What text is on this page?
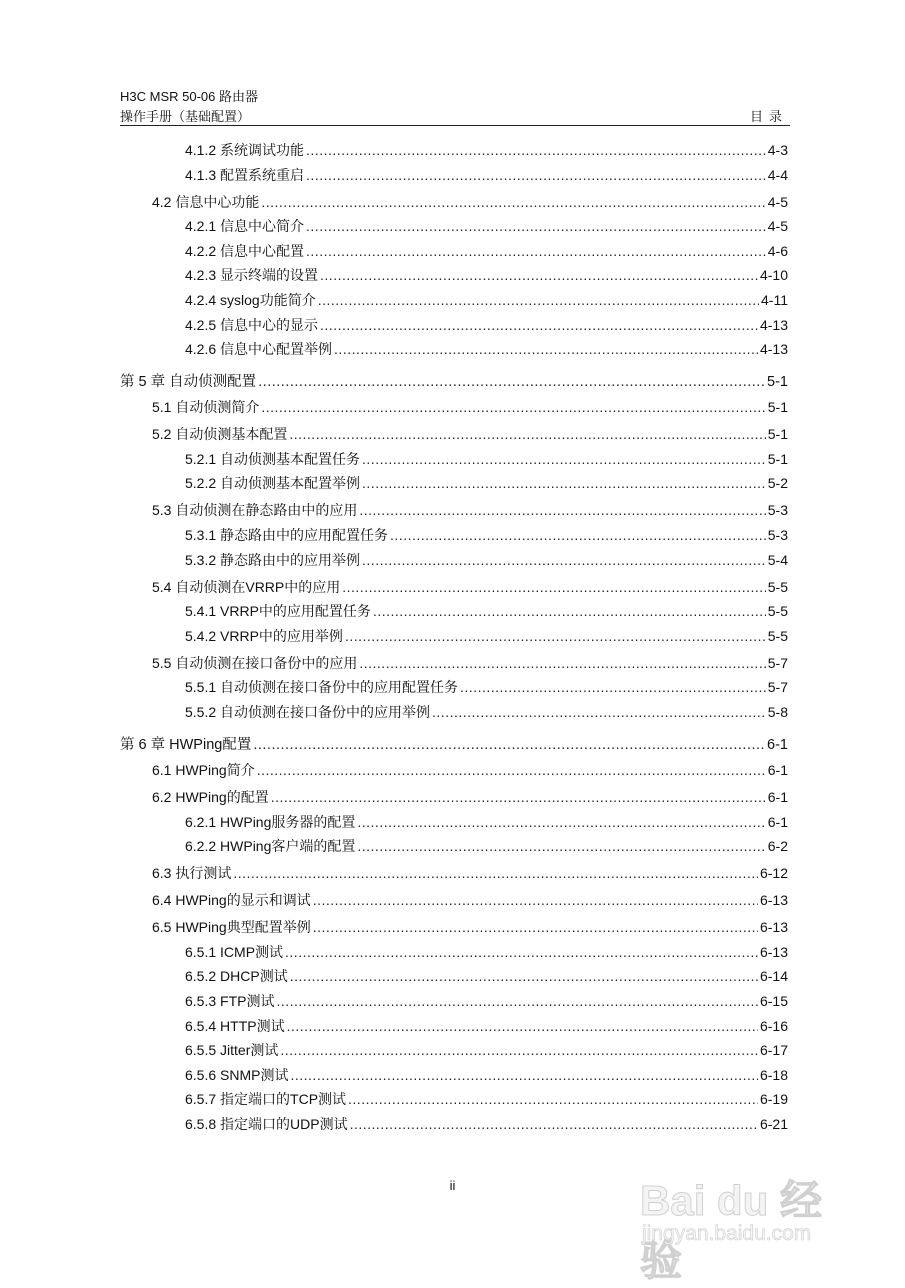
H3C MSR 50-06 路由器
操作手册（基础配置）	目录
4.1.2 系统调试功能 .....	4-3
4.1.3 配置系统重启 .....	4-4
4.2 信息中心功能 .....	4-5
4.2.1 信息中心简介 .....	4-5
4.2.2 信息中心配置 .....	4-6
4.2.3 显示终端的设置 .....	4-10
4.2.4 syslog功能简介 .....	4-11
4.2.5 信息中心的显示 .....	4-13
4.2.6 信息中心配置举例 .....	4-13
第 5 章 自动侦测配置 .....	5-1
5.1 自动侦测简介 .....	5-1
5.2 自动侦测基本配置 .....	5-1
5.2.1 自动侦测基本配置任务 .....	5-1
5.2.2 自动侦测基本配置举例 .....	5-2
5.3 自动侦测在静态路由中的应用 .....	5-3
5.3.1 静态路由中的应用配置任务 .....	5-3
5.3.2 静态路由中的应用举例 .....	5-4
5.4 自动侦测在VRRP中的应用 .....	5-5
5.4.1 VRRP中的应用配置任务 .....	5-5
5.4.2 VRRP中的应用举例 .....	5-5
5.5 自动侦测在接口备份中的应用 .....	5-7
5.5.1 自动侦测在接口备份中的应用配置任务 .....	5-7
5.5.2 自动侦测在接口备份中的应用举例 .....	5-8
第 6 章 HWPing配置 .....	6-1
6.1 HWPing简介 .....	6-1
6.2 HWPing的配置 .....	6-1
6.2.1 HWPing服务器的配置 .....	6-1
6.2.2 HWPing客户端的配置 .....	6-2
6.3 执行测试 .....	6-12
6.4 HWPing的显示和调试 .....	6-13
6.5 HWPing典型配置举例 .....	6-13
6.5.1 ICMP测试 .....	6-13
6.5.2 DHCP测试 .....	6-14
6.5.3 FTP测试 .....	6-15
6.5.4 HTTP测试 .....	6-16
6.5.5 Jitter测试 .....	6-17
6.5.6 SNMP测试 .....	6-18
6.5.7 指定端口的TCP测试 .....	6-19
6.5.8 指定端口的UDP测试 .....	6-21
ii	Bai du 经验
jingyan.baidu.com
